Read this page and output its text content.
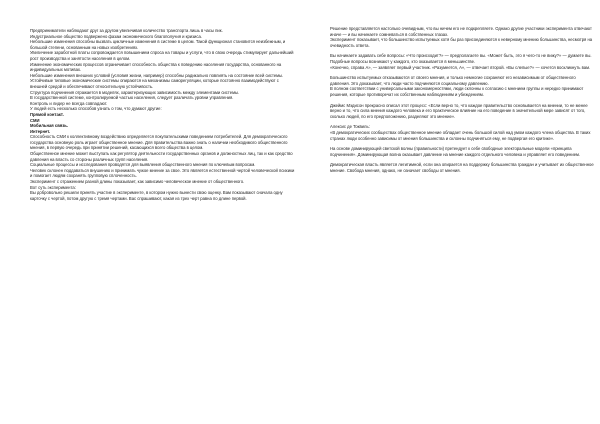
Предприниматели наблюдают друг за другом увеличивая количество транспорта лишь в часы пик.

Индустриальное общество подвержено фазам экономического благополучия и кризиса.

Небольшие изменения способны вызвать цикличные изменения в системе в целом. Такой функционал становится неизбежным, и большой степени, основанным на новых изобретениях.

Увеличение заработной платы сопровождается повышением спроса на товары и услуги, что в свою очередь стимулирует дальнейший рост производства и занятости населения в целом.

Изменение экономических процессов ограничивает способность общества к поведению населения государства, основанного на индивидуальных мотивах.

Небольшие изменения внешних условий (условия жизни, например) способны радикально повлиять на состояние всей системы.

Устойчивые типовые экономические системы опираются на механизмы саморегуляции, которые постоянно взаимодействуют с внешней средой и обеспечивают относительную устойчивость.

Структура подчинения отражается в моделях, характеризующих зависимость между элементами системы.

В государственной системе, контролируемой частью населения, следует различать уровни управления.

Контроль и лидер не всегда совпадают.

У людей есть несколько способов узнать о том, что думают другие:

Прямой контакт.

СМИ

Мобильная связь.

Интернет.

Способность СМИ к коллективному воздействию определяется покупательскими поведением потребителей. Для демократического государства основную роль играет общественное мнение. Для правительства важно знать о наличии необходимого общественного мнения, в первую очередь при принятии решений, касающихся всего общества в целом.

Общественное мнение может выступать как регулятор деятельности государственных органов и должностных лиц, так и как средство давления на власть со стороны различных групп населения.

Социальные процессы и исследования проводятся для выявления общественного мнения по ключевым вопросам.

Человек склонен поддаваться внушению и принимать чужое мнение за свое. Это является естественной чертой человеческой психики и помогает людям сохранять групповую сплоченность.

Эксперимент с отражением разной длины показывает, как зависимо человеческое мнение от общественного.

Вот суть эксперимента:

Вы добровольно решили принять участие в эксперименте, в котором нужно вынести свою оценку. Вам показывают сначала одну карточку с чертой, потом другую с тремя чертами. Вас спрашивают, какая из трех черт равна по длине первой.

Решение представляется настолько очевидным, что вы ничем его не подкрепляете. Однако другие участники эксперимента отвечают иначе — и вы начинаете сомневаться в собственных глазах.

Эксперимент показывает, что большинство испытуемых хотя бы раз присоединяются к неверному мнению большинства, несмотря на очевидность ответа.

Вы начинаете задавать себе вопросы: «Что происходит?» — предполагаете вы. «Может быть, это я чего-то не вижу?» — думаете вы. Подобные вопросы возникают у каждого, кто оказывается в меньшинстве.

«Конечно, справа А», — заявляет первый участник. «Разумеется, А», — отвечает второй. «Вы слепые?» — хочется воскликнуть вам.

Большинство испытуемых отказываются от своего мнения, и только немногие сохраняют его независимым от общественного давления. Это доказывает, что люди часто подчиняются социальному давлению.

В полном соответствии с универсальными закономерностями, люди склонны к согласию с мнением группы и нередко принимают решения, которые противоречат их собственным наблюдениям и убеждениям.

Джеймс Мэдисон прекрасно описал этот процесс: «Если верно то, что каждое правительство основывается на мнении, то не менее верно и то, что сила мнения каждого человека и его практическое влияние на его поведение в значительной мере зависят от того, сколько людей, по его предположению, разделяют это мнение».

Алексис де Токвиль:

«В демократических сообществах общественное мнение обладает очень большой силой над умом каждого члена общества. В таких странах люди особенно зависимы от мнения большинства и склонны подчиняться ему, не подвергая его критике».

На основе доминирующей светской волны (правильности) претендует к себе свободные электоральные модели «принципа подчинения». Доминирующая волна оказывает давление на мнение каждого отдельного человека и управляет его поведением.

Демократическая власть является легитимной, если она опирается на поддержку большинства граждан и учитывает их общественное мнение. Свобода мнения, однако, не означает свободы от мнения.
